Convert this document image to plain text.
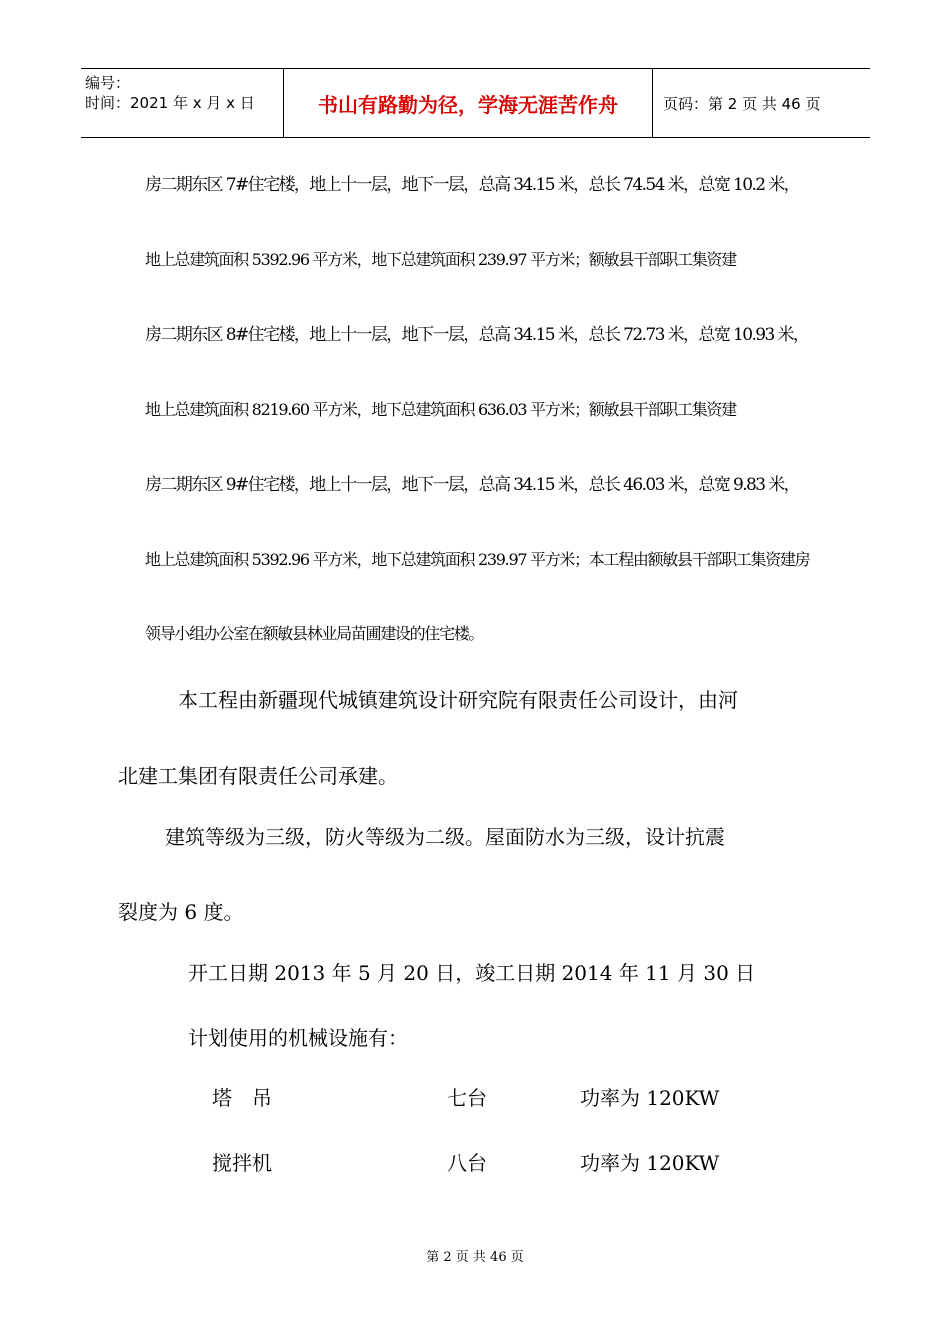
编号：
时间：2021 年 x 月 x 日	书山有路勤为径，学海无涯苦作舟	页码：第 2 页 共 46 页
房二期东区 7#住宅楼，地上十一层，地下一层，总高 34.15 米，总长 74.54 米，总宽 10.2 米，
地上总建筑面积 5392.96 平方米，地下总建筑面积 239.97 平方米；额敏县干部职工集资建
房二期东区 8#住宅楼，地上十一层，地下一层，总高 34.15 米，总长 72.73 米，总宽 10.93 米，
地上总建筑面积 8219.60 平方米，地下总建筑面积 636.03 平方米；额敏县干部职工集资建
房二期东区 9#住宅楼，地上十一层，地下一层，总高 34.15 米，总长 46.03 米，总宽 9.83 米，
地上总建筑面积 5392.96 平方米，地下总建筑面积 239.97 平方米；本工程由额敏县干部职工集资建房
领导小组办公室在额敏县林业局苗圃建设的住宅楼。
本工程由新疆现代城镇建筑设计研究院有限责任公司设计，由河
北建工集团有限责任公司承建。
建筑等级为三级，防火等级为二级。屋面防水为三级，设计抗震
裂度为 6 度。
开工日期 2013 年 5 月 20 日，竣工日期 2014 年 11 月 30 日
计划使用的机械设施有：
塔　吊	七台	功率为 120KW
搅拌机	八台	功率为 120KW
第 2 页 共 46 页
